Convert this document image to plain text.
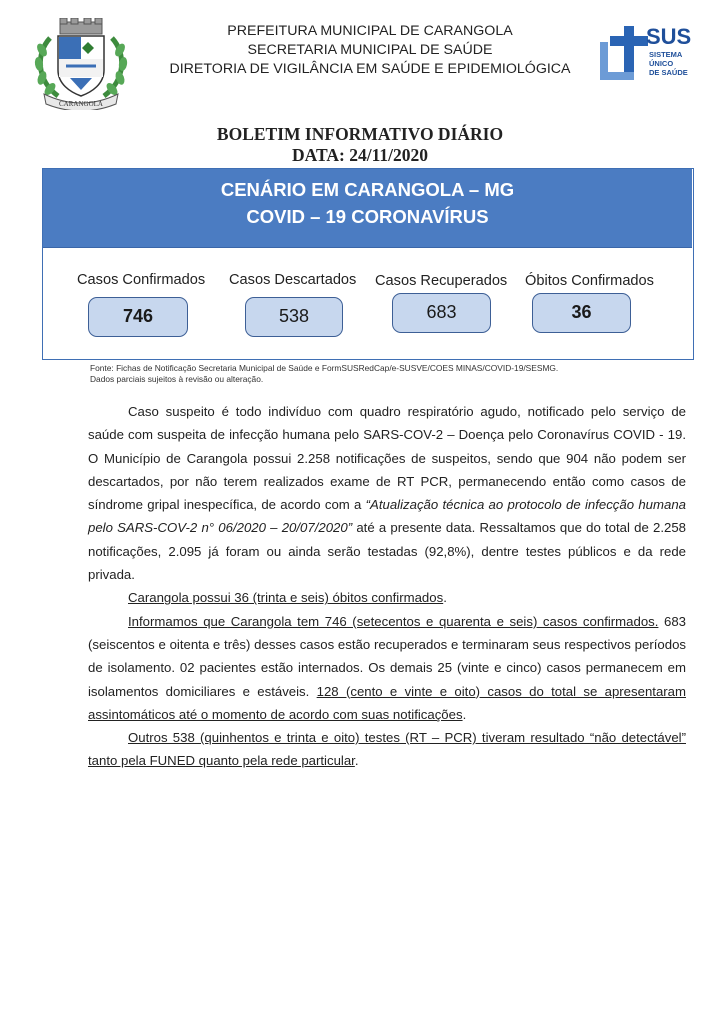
CARANGOLA
PREFEITURA MUNICIPAL DE CARANGOLA
SECRETARIA MUNICIPAL DE SAÚDE
DIRETORIA DE VIGILÂNCIA EM SAÚDE E EPIDEMIOLÓGICA
SUS
SISTEMA
ÚNICO
DE SAÚDE
BOLETIM INFORMATIVO DIÁRIO
DATA: 24/11/2020
CENÁRIO EM CARANGOLA – MG
COVID – 19 CORONAVÍRUS
Casos Confirmados
746
Casos Descartados
538
Casos Recuperados
683
Óbitos Confirmados
36
Fonte: Fichas de Notificação Secretaria Municipal de Saúde e FormSUSRedCap/e-SUSVE/COES MINAS/COVID-19/SESMG.
Dados parciais sujeitos à revisão ou alteração.

Caso suspeito é todo indivíduo com quadro respiratório agudo, notificado pelo serviço de saúde com suspeita de infecção humana pelo SARS-COV-2 – Doença pelo Coronavírus COVID - 19. O Município de Carangola possui 2.258 notificações de suspeitos, sendo que 904 não podem ser descartados, por não terem realizados exame de RT PCR, permanecendo então como casos de síndrome gripal inespecífica, de acordo com a “Atualização técnica ao protocolo de infecção humana pelo SARS-COV-2 n° 06/2020 – 20/07/2020” até a presente data. Ressaltamos que do total de 2.258 notificações, 2.095 já foram ou ainda serão testadas (92,8%), dentre testes públicos e da rede privada.

Carangola possui 36 (trinta e seis) óbitos confirmados.

Informamos que Carangola tem 746 (setecentos e quarenta e seis) casos confirmados. 683 (seiscentos e oitenta e três) desses casos estão recuperados e terminaram seus respectivos períodos de isolamento. 02 pacientes estão internados. Os demais 25 (vinte e cinco) casos permanecem em isolamentos domiciliares e estáveis. 128 (cento e vinte e oito) casos do total se apresentaram assintomáticos até o momento de acordo com suas notificações.

Outros 538 (quinhentos e trinta e oito) testes (RT – PCR) tiveram resultado “não detectável” tanto pela FUNED quanto pela rede particular.
